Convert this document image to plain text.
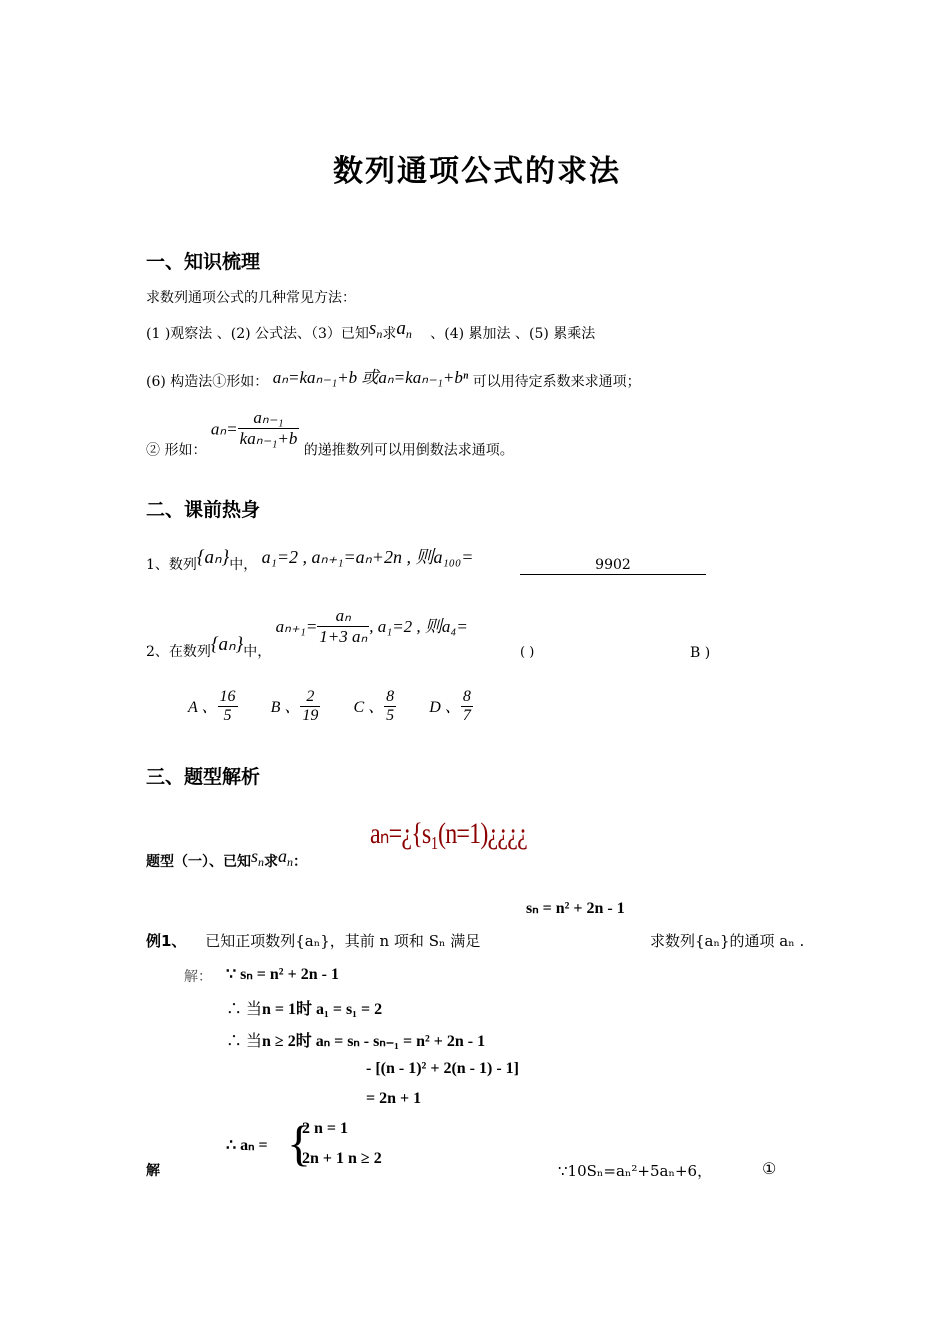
数列通项公式的求法
一、知识梳理
求数列通项公式的几种常见方法：
(1 )观察法 、(2) 公式法、（3）已知sn求an 、(4) 累加法 、(5) 累乘法
(6) 构造法①形如： aₙ=kaₙ₋₁+b 或aₙ=kaₙ₋₁+bⁿ 可以用待定系数来求通项；
② 形如： $a_n= \frac{\text{aₙ₋₁}}{\text{kaₙ₋₁+b}}$
的递推数列可以用倒数法求通项。
二、课前热身
1、数列{aₙ}中， a₁=2 , aₙ₊₁=aₙ+2n , 则a₁₀₀=	9902
2、在数列{aₙ}中， $a_{n+1}= \frac{\text{aₙ}}{\text{1+3 aₙ}}$ , a₁=2 , 则a₄=
( )	B )
A 、 $\frac{16}{5}$ B 、 $\frac{2}{19}$ C 、 $\frac{8}{5}$ D 、 $\frac{8}{7}$
三、题型解析
题型（一）、已知sn求an：
aₙ=¿{s₁(n=1)¿¿¿¿
sₙ = n² + 2n - 1
例1、 已知正项数列{aₙ}，其前 n 项和 Sₙ 满足	求数列{aₙ}的通项 aₙ .
解： ∵ sₙ = n² + 2n - 1
∴ 当n = 1时 a₁ = s₁ = 2
∴ 当n ≥ 2时 aₙ = sₙ - sₙ₋₁ = n² + 2n - 1
- [(n - 1)² + 2(n - 1) - 1]
= 2n + 1
∴ aₙ = {
2 n = 1
2n + 1 n ≥ 2
解	∵10Sₙ=aₙ²+5aₙ+6，	①
